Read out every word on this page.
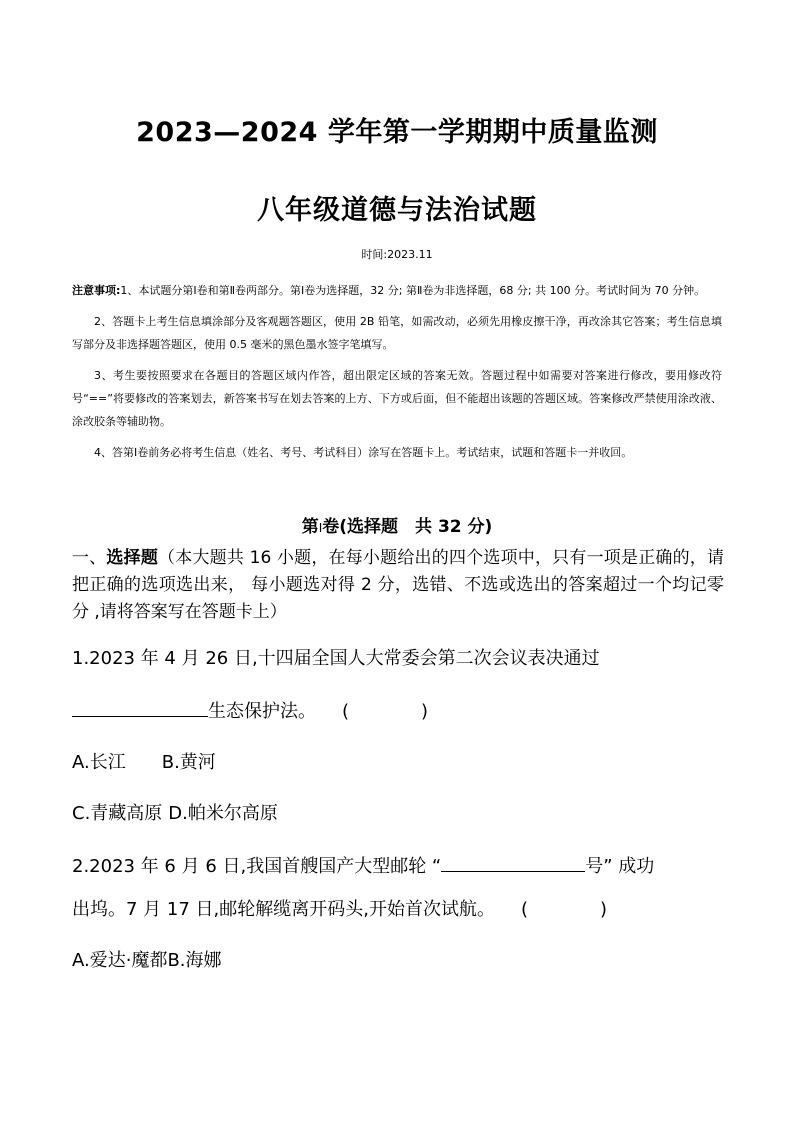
2023—2024 学年第一学期期中质量监测
八年级道德与法治试题
时间:2023.11

注意事项:1、本试题分第Ⅰ卷和第Ⅱ卷两部分。第Ⅰ卷为选择题，32 分; 第Ⅱ卷为非选择题，68 分; 共 100 分。考试时间为 70 分钟。

2、答题卡上考生信息填涂部分及客观题答题区，使用 2B 铅笔，如需改动，必须先用橡皮擦干净，再改涂其它答案；考生信息填写部分及非选择题答题区，使用 0.5 毫米的黑色墨水签字笔填写。

3、考生要按照要求在各题目的答题区域内作答，超出限定区域的答案无效。答题过程中如需要对答案进行修改，要用修改符号“==”将要修改的答案划去，新答案书写在划去答案的上方、下方或后面，但不能超出该题的答题区域。答案修改严禁使用涂改液、涂改胶条等辅助物。

4、答第Ⅰ卷前务必将考生信息（姓名、考号、考试科目）涂写在答题卡上。考试结束，试题和答题卡一并收回。

第I卷(选择题　共 32 分)
一、选择题（本大题共 16 小题，在每小题给出的四个选项中，只有一项是正确的，请把正确的选项选出来， 每小题选对得 2 分，选错、不选或选出的答案超过一个均记零分 ,请将答案写在答题卡上）
1.2023 年 4 月 26 日,十四届全国人大常委会第二次会议表决通过
生态保护法。 (　　　　)
A.长江 B.黄河
C.青藏高原 D.帕米尔高原
2.2023 年 6 月 6 日,我国首艘国产大型邮轮 “	号” 成功
出坞。7 月 17 日,邮轮解缆离开码头,开始首次试航。 (　　　　)
A.爱达·魔都B.海娜
